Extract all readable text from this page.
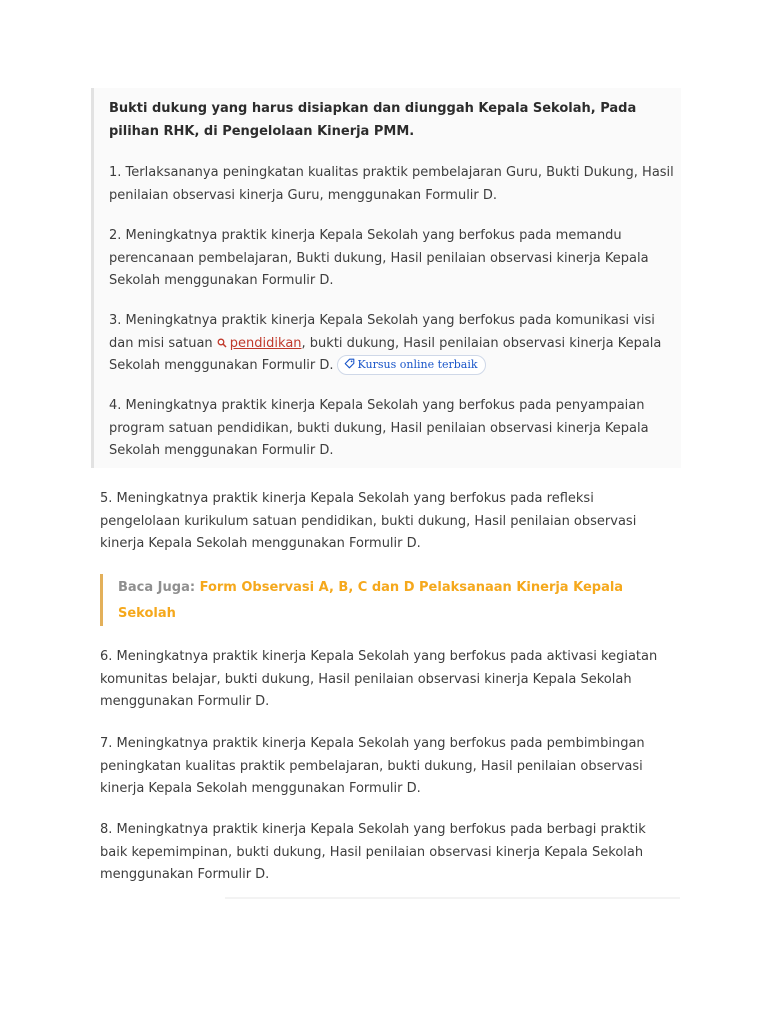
Bukti dukung yang harus disiapkan dan diunggah Kepala Sekolah, Pada pilihan RHK, di Pengelolaan Kinerja PMM.

1. Terlaksananya peningkatan kualitas praktik pembelajaran Guru, Bukti Dukung, Hasil penilaian observasi kinerja Guru, menggunakan Formulir D.

2. Meningkatnya praktik kinerja Kepala Sekolah yang berfokus pada memandu perencanaan pembelajaran, Bukti dukung, Hasil penilaian observasi kinerja Kepala Sekolah menggunakan Formulir D.

3. Meningkatnya praktik kinerja Kepala Sekolah yang berfokus pada komunikasi visi dan misi satuan pendidikan, bukti dukung, Hasil penilaian observasi kinerja Kepala Sekolah menggunakan Formulir D. Kursus online terbaik

4. Meningkatnya praktik kinerja Kepala Sekolah yang berfokus pada penyampaian program satuan pendidikan, bukti dukung, Hasil penilaian observasi kinerja Kepala Sekolah menggunakan Formulir D.

5. Meningkatnya praktik kinerja Kepala Sekolah yang berfokus pada refleksi pengelolaan kurikulum satuan pendidikan, bukti dukung, Hasil penilaian observasi kinerja Kepala Sekolah menggunakan Formulir D.

Baca Juga: Form Observasi A, B, C dan D Pelaksanaan Kinerja Kepala Sekolah

6. Meningkatnya praktik kinerja Kepala Sekolah yang berfokus pada aktivasi kegiatan komunitas belajar, bukti dukung, Hasil penilaian observasi kinerja Kepala Sekolah menggunakan Formulir D.

7. Meningkatnya praktik kinerja Kepala Sekolah yang berfokus pada pembimbingan peningkatan kualitas praktik pembelajaran, bukti dukung, Hasil penilaian observasi kinerja Kepala Sekolah menggunakan Formulir D.

8. Meningkatnya praktik kinerja Kepala Sekolah yang berfokus pada berbagi praktik baik kepemimpinan, bukti dukung, Hasil penilaian observasi kinerja Kepala Sekolah menggunakan Formulir D.
